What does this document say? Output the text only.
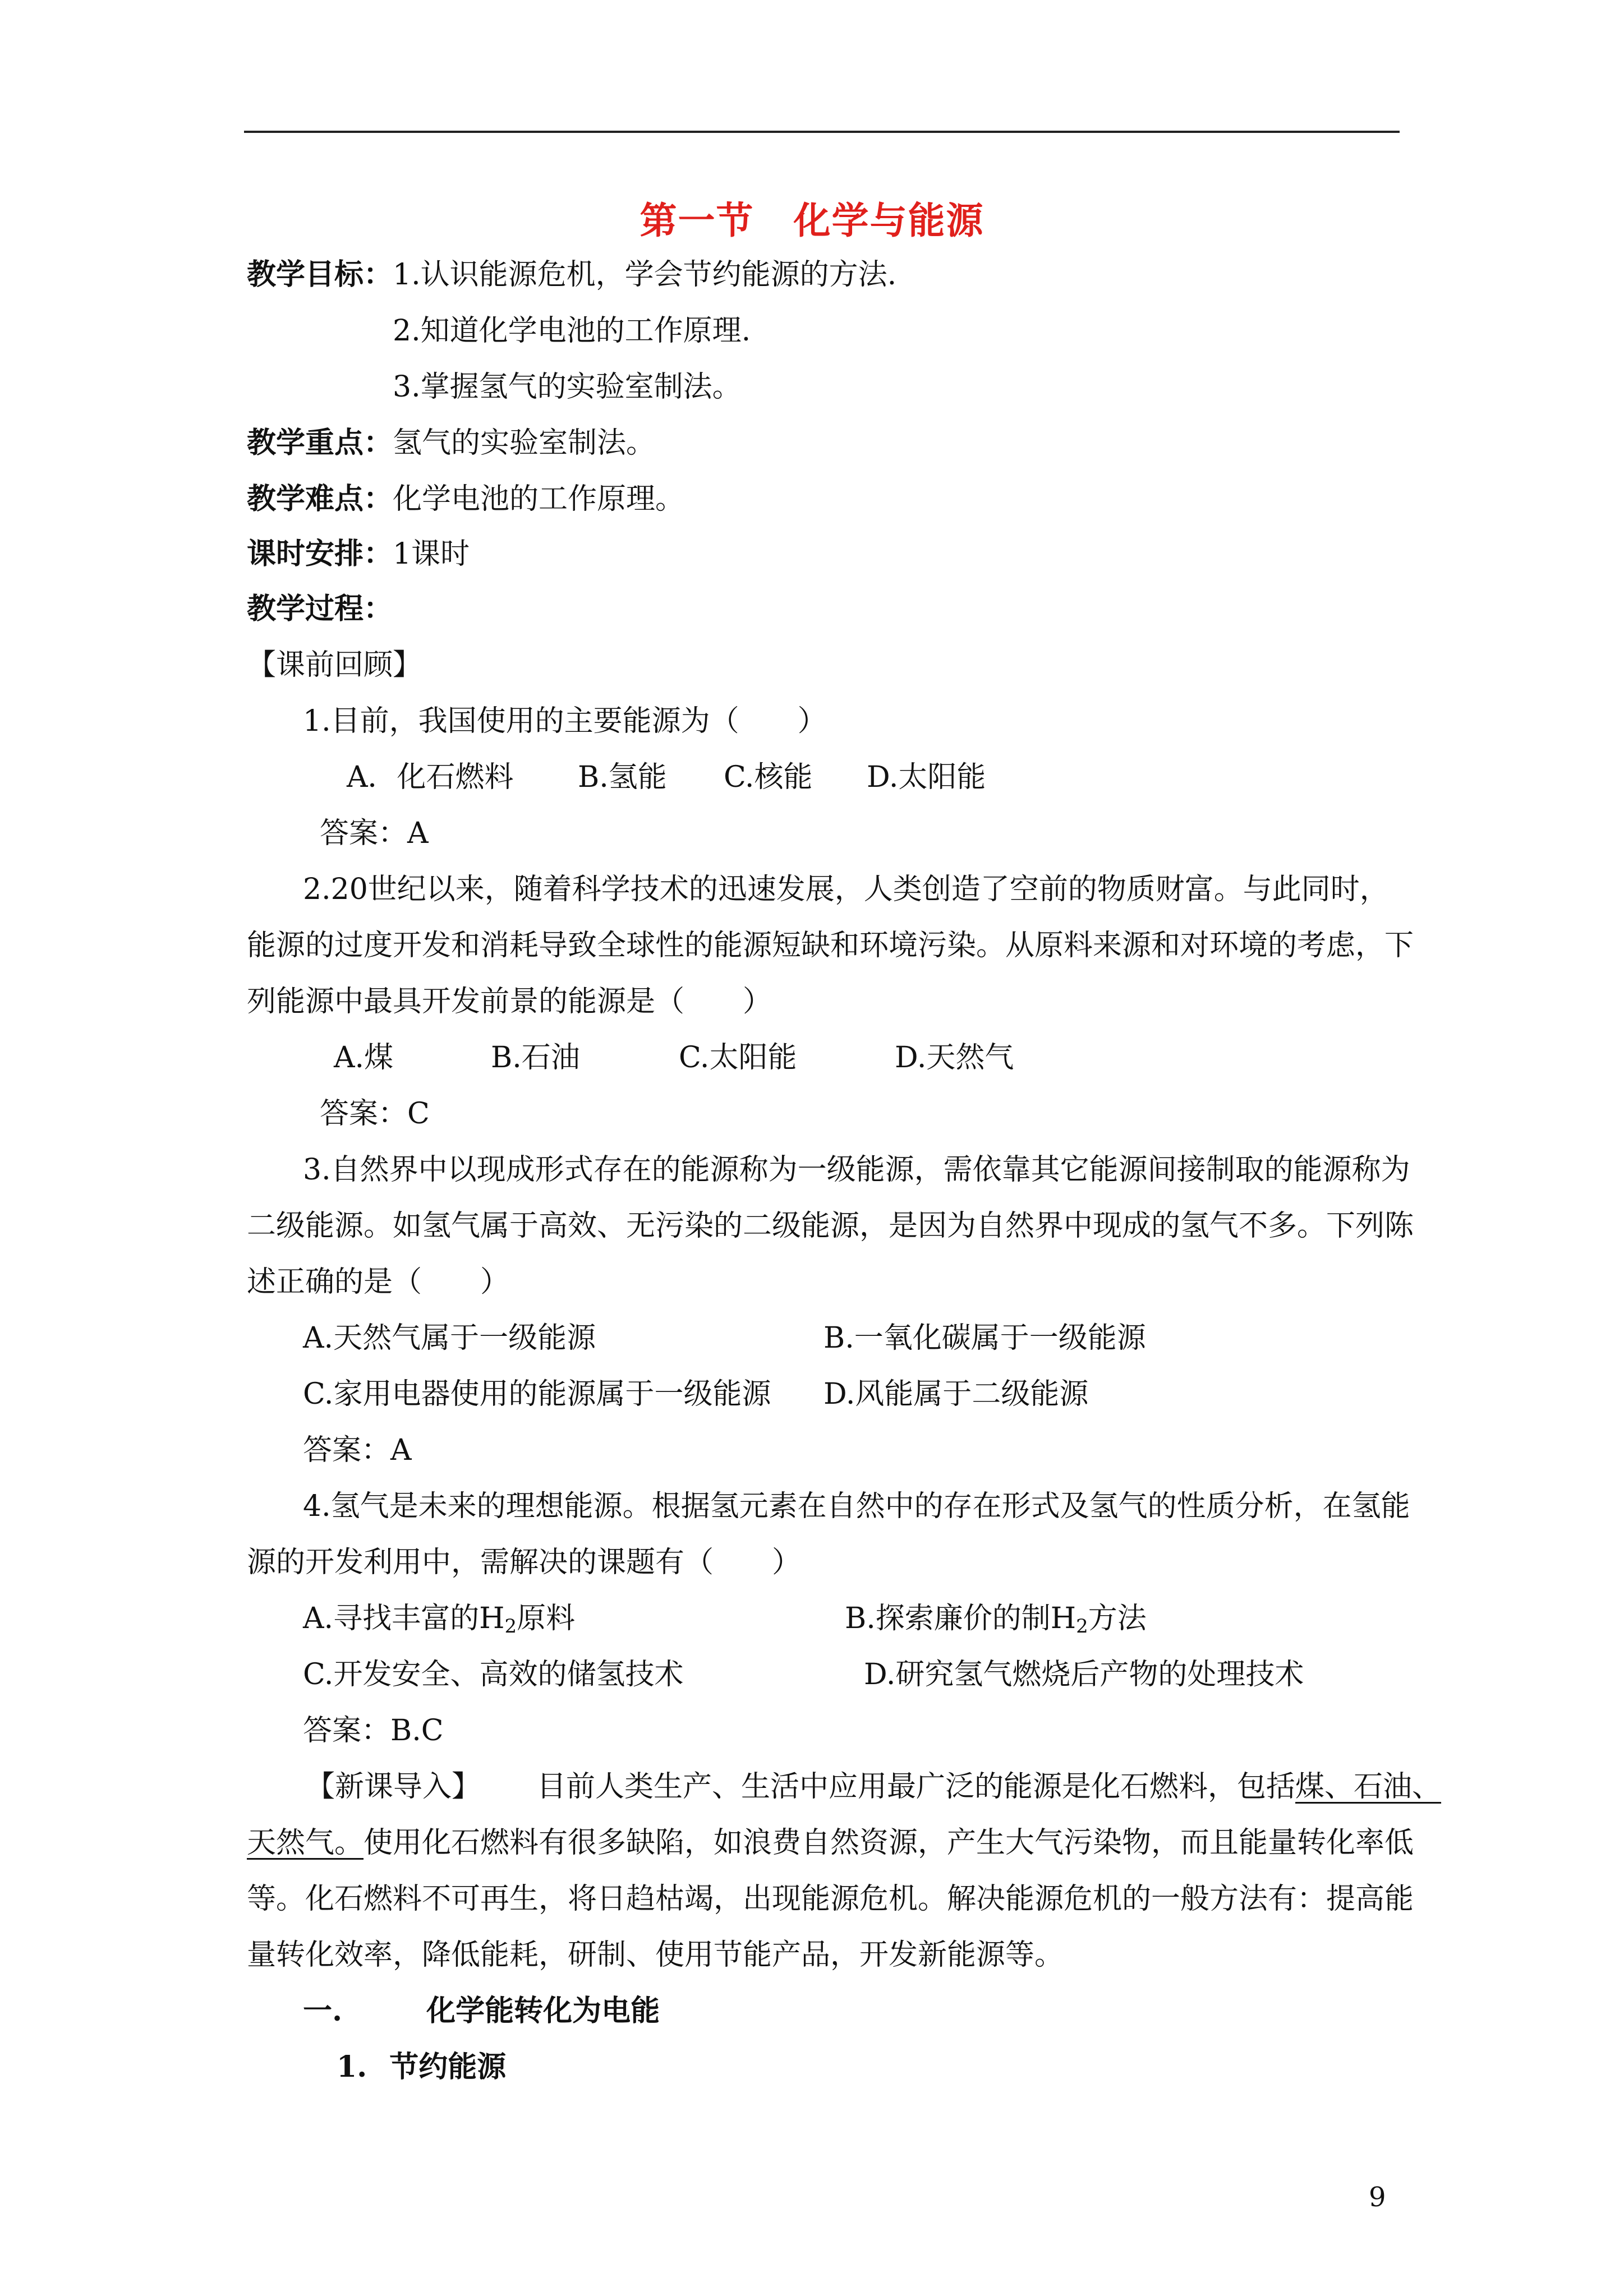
第一节 化学与能源
教学目标：1.认识能源危机，学会节约能源的方法.
2.知道化学电池的工作原理.
3.掌握氢气的实验室制法。
教学重点：氢气的实验室制法。
教学难点：化学电池的工作原理。
课时安排：1课时
教学过程：
【课前回顾】
1.目前，我国使用的主要能源为（　　）
A．化石燃料 B.氢能 C.核能 D.太阳能
答案：A
2.20世纪以来，随着科学技术的迅速发展，人类创造了空前的物质财富。与此同时，
能源的过度开发和消耗导致全球性的能源短缺和环境污染。从原料来源和对环境的考虑，下
列能源中最具开发前景的能源是（　　）
A.煤	B.石油	C.太阳能	D.天然气
答案：C
3.自然界中以现成形式存在的能源称为一级能源，需依靠其它能源间接制取的能源称为
二级能源。如氢气属于高效、无污染的二级能源，是因为自然界中现成的氢气不多。下列陈
述正确的是（　　）
A.天然气属于一级能源	B.一氧化碳属于一级能源
C.家用电器使用的能源属于一级能源 D.风能属于二级能源
答案：A
4.氢气是未来的理想能源。根据氢元素在自然中的存在形式及氢气的性质分析，在氢能
源的开发利用中，需解决的课题有（　　）
A.寻找丰富的$H_2$原料	B.探索廉价的制$H_2$方法
C.开发安全、高效的储氢技术	D.研究氢气燃烧后产物的处理技术
答案：B.C
【新课导入】 目前人类生产、生活中应用最广泛的能源是化石燃料，包括煤、石油、
天然气。使用化石燃料有很多缺陷，如浪费自然资源，产生大气污染物，而且能量转化率低
等。化石燃料不可再生，将日趋枯竭，出现能源危机。解决能源危机的一般方法有：提高能
量转化效率，降低能耗，研制、使用节能产品，开发新能源等。
一.	化学能转化为电能
1. 节约能源
9
